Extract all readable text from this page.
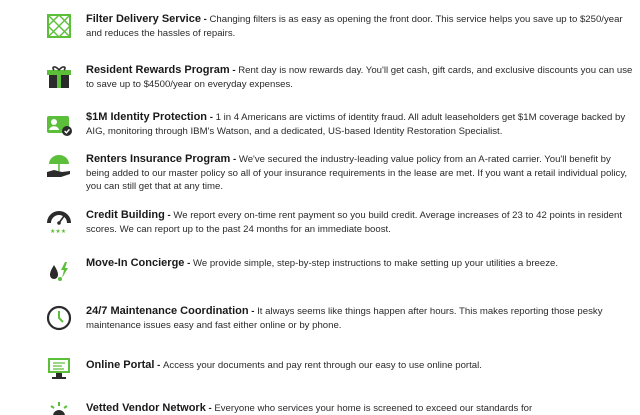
Filter Delivery Service - Changing filters is as easy as opening the front door. This service helps you save up to $250/year and reduces the hassles of repairs.
Resident Rewards Program - Rent day is now rewards day. You'll get cash, gift cards, and exclusive discounts you can use to save up to $4500/year on everyday expenses.
$1M Identity Protection - 1 in 4 Americans are victims of identity fraud. All adult leaseholders get $1M coverage backed by AIG, monitoring through IBM's Watson, and a dedicated, US-based Identity Restoration Specialist.
Renters Insurance Program - We've secured the industry-leading value policy from an A-rated carrier. You'll benefit by being added to our master policy so all of your insurance requirements in the lease are met. If you want a retail individual policy, you can still get that at any time.
★★★
Credit Building - We report every on-time rent payment so you build credit. Average increases of 23 to 42 points in resident scores. We can report up to the past 24 months for an immediate boost.
Move-In Concierge - We provide simple, step-by-step instructions to make setting up your utilities a breeze.
24/7 Maintenance Coordination - It always seems like things happen after hours. This makes reporting those pesky maintenance issues easy and fast either online or by phone.
Online Portal - Access your documents and pay rent through our easy to use online portal.
Vetted Vendor Network - Everyone who services your home is screened to exceed our standards for
